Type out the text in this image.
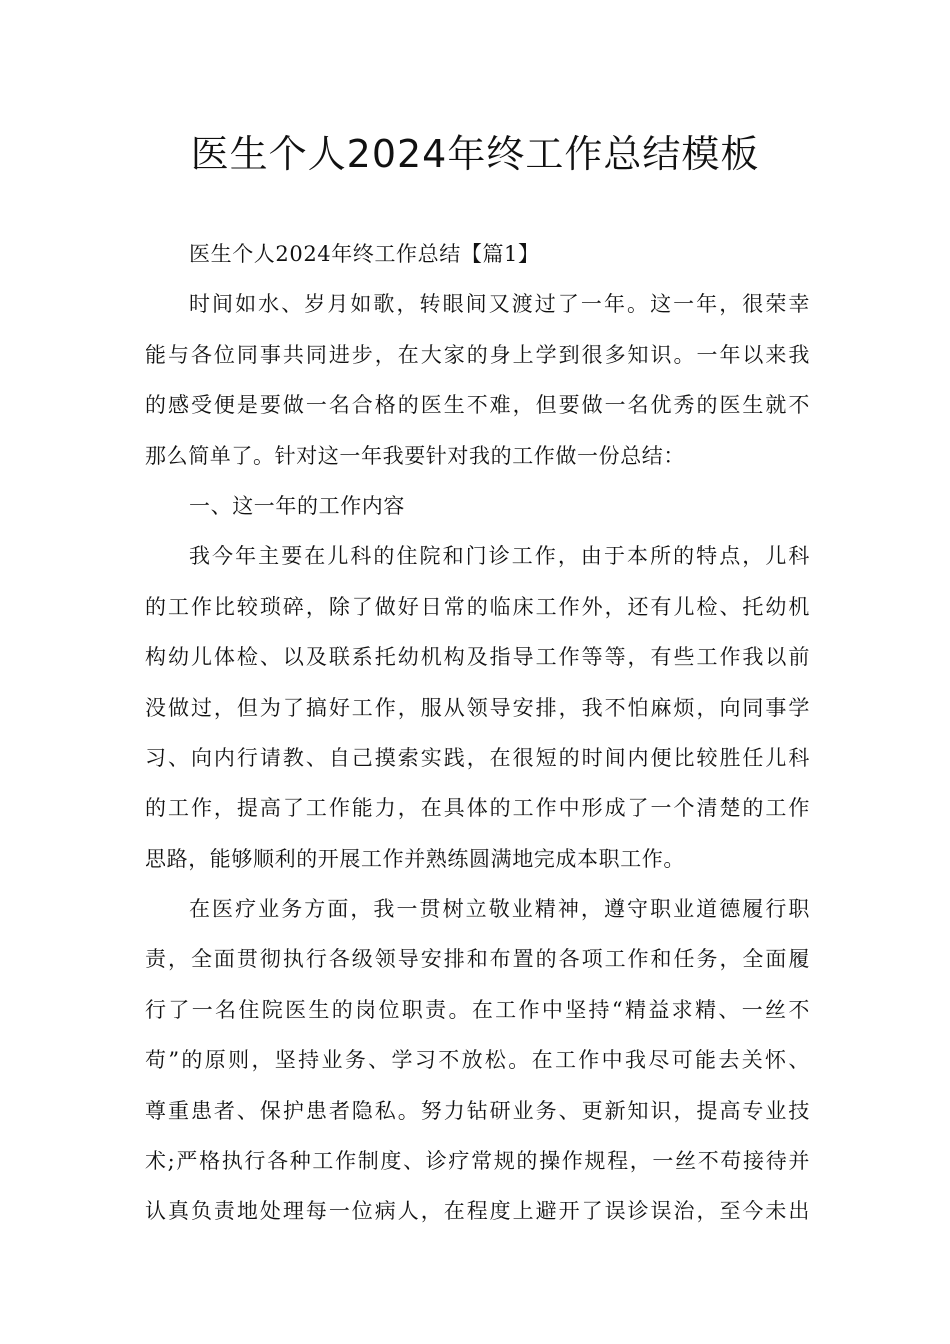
医生个人2024年终工作总结模板
医生个人2024年终工作总结【篇1】
时间如水、岁月如歌，转眼间又渡过了一年。这一年，很荣幸
能与各位同事共同进步，在大家的身上学到很多知识。一年以来我
的感受便是要做一名合格的医生不难，但要做一名优秀的医生就不
那么简单了。针对这一年我要针对我的工作做一份总结：
一、这一年的工作内容
我今年主要在儿科的住院和门诊工作，由于本所的特点，儿科
的工作比较琐碎，除了做好日常的临床工作外，还有儿检、托幼机
构幼儿体检、以及联系托幼机构及指导工作等等，有些工作我以前
没做过，但为了搞好工作，服从领导安排，我不怕麻烦，向同事学
习、向内行请教、自己摸索实践，在很短的时间内便比较胜任儿科
的工作，提高了工作能力，在具体的工作中形成了一个清楚的工作
思路，能够顺利的开展工作并熟练圆满地完成本职工作。
在医疗业务方面，我一贯树立敬业精神，遵守职业道德履行职
责，全面贯彻执行各级领导安排和布置的各项工作和任务，全面履
行了一名住院医生的岗位职责。在工作中坚持“精益求精、一丝不
苟”的原则，坚持业务、学习不放松。在工作中我尽可能去关怀、
尊重患者、保护患者隐私。努力钻研业务、更新知识，提高专业技
术;严格执行各种工作制度、诊疗常规的操作规程，一丝不苟接待并
认真负责地处理每一位病人，在程度上避开了误诊误治，至今未出
